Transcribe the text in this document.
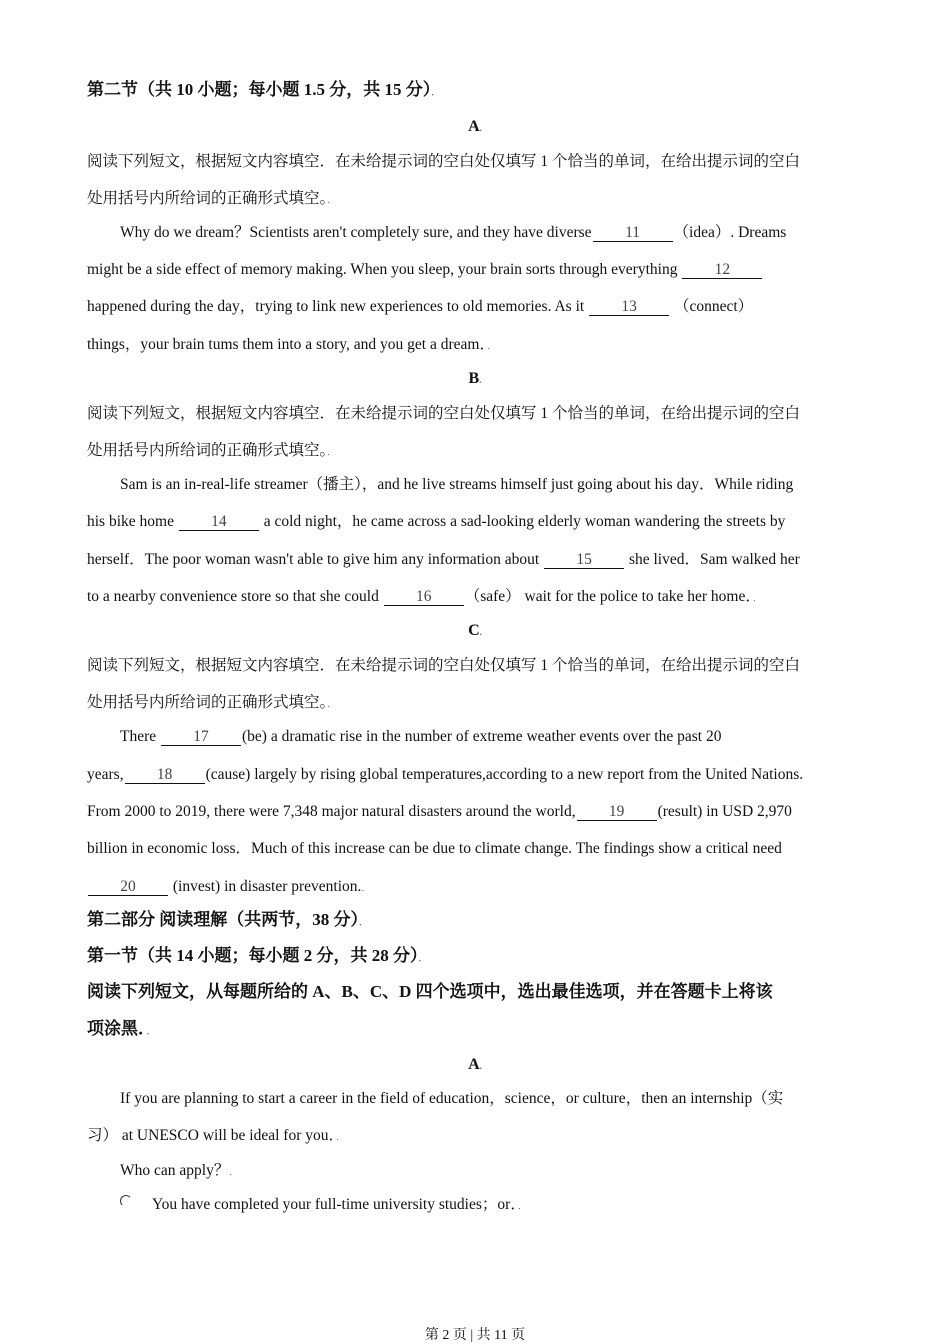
第二节（共 10 小题；每小题 1.5 分，共 15 分）．
A.
阅读下列短文，根据短文内容填空．在未给提示词的空白处仅填写 1 个恰当的单词，在给出提示词的空白
处用括号内所给词的正确形式填空。．
Why do we dream？Scientists aren't completely sure, and they have diverse 11 （idea）. Dreams
might be a side effect of memory making. When you sleep, your brain sorts through everything 12
happened during the day，trying to link new experiences to old memories. As it 13 （connect）
things，your brain tums them into a story, and you get a dream．．
B.
阅读下列短文，根据短文内容填空．在未给提示词的空白处仅填写 1 个恰当的单词，在给出提示词的空白
处用括号内所给词的正确形式填空。．
Sam is an in-real-life streamer（播主），and he live streams himself just going about his day．While riding
his bike home 14 a cold night，he came across a sad-looking elderly woman wandering the streets by
herself．The poor woman wasn't able to give him any information about 15 she lived．Sam walked her
to a nearby convenience store so that she could 16 （safe） wait for the police to take her home．．
C.
阅读下列短文，根据短文内容填空．在未给提示词的空白处仅填写 1 个恰当的单词，在给出提示词的空白
处用括号内所给词的正确形式填空。．
There 17 (be) a dramatic rise in the number of extreme weather events over the past 20
years, 18 (cause) largely by rising global temperatures,according to a new report from the United Nations.
From 2000 to 2019, there were 7,348 major natural disasters around the world, 19 (result) in USD 2,970
billion in economic loss．Much of this increase can be due to climate change. The findings show a critical need
20 (invest) in disaster prevention.．
第二部分 阅读理解（共两节，38 分）．
第一节（共 14 小题；每小题 2 分，共 28 分）．
阅读下列短文，从每题所给的 A、B、C、D 四个选项中，选出最佳选项，并在答题卡上将该
项涂黑．．
A.
If you are planning to start a career in the field of education，science，or culture，then an internship（实
习） at UNESCO will be ideal for you．．
Who can apply？．
You have completed your full-time university studies；or．．
第 2 页 | 共 11 页
